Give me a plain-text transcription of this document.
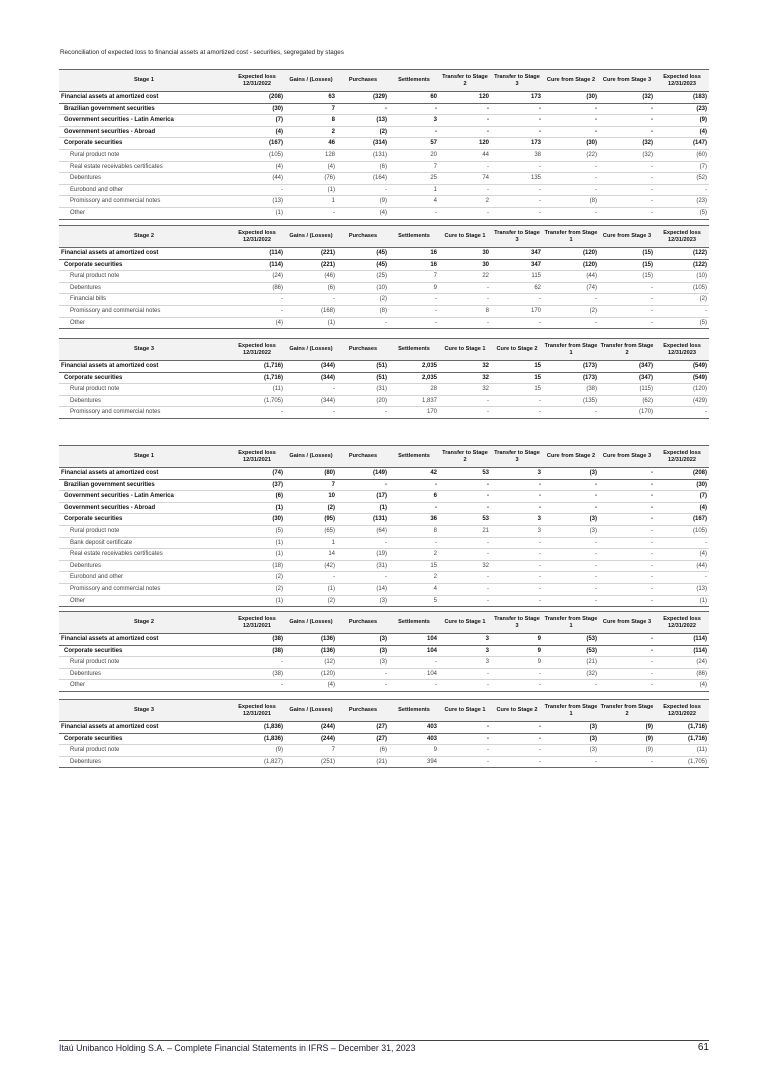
Reconciliation of expected loss to financial assets at amortized cost - securities, segregated by stages
Stage 1	Expected loss 12/31/2022	Gains / (Losses)	Purchases	Settlements	Transfer to Stage 2	Transfer to Stage 3	Cure from Stage 2	Cure from Stage 3	Expected loss 12/31/2023
Financial assets at amortized cost	(208)	63	(329)	60	120	173	(30)	(32)	(183)
Brazilian government securities	(30)	7	-	-	-	-	-	-	(23)
Government securities - Latin America	(7)	8	(13)	3	-	-	-	-	(9)
Government securities - Abroad	(4)	2	(2)	-	-	-	-	-	(4)
Corporate securities	(167)	46	(314)	57	120	173	(30)	(32)	(147)
Rural product note	(105)	128	(131)	20	44	38	(22)	(32)	(60)
Real estate receivables certificates	(4)	(4)	(6)	7	-	-	-	-	(7)
Debentures	(44)	(76)	(164)	25	74	135	-	-	(52)
Eurobond and other	-	(1)	-	1	-	-	-	-	-
Promissory and commercial notes	(13)	1	(9)	4	2	-	(8)	-	(23)
Other	(1)	-	(4)	-	-	-	-	-	(5)
Stage 2	Expected loss 12/31/2022	Gains / (Losses)	Purchases	Settlements	Cure to Stage 1	Transfer to Stage 3	Transfer from Stage 1	Cure from Stage 3	Expected loss 12/31/2023
Financial assets at amortized cost	(114)	(221)	(45)	16	30	347	(120)	(15)	(122)
Corporate securities	(114)	(221)	(45)	16	30	347	(120)	(15)	(122)
Rural product note	(24)	(46)	(25)	7	22	115	(44)	(15)	(10)
Debentures	(86)	(6)	(10)	9	-	62	(74)	-	(105)
Financial bills	-	-	(2)	-	-	-	-	-	(2)
Promissory and commercial notes	-	(168)	(8)	-	8	170	(2)	-	-
Other	(4)	(1)	-	-	-	-	-	-	(5)
Stage 3	Expected loss 12/31/2022	Gains / (Losses)	Purchases	Settlements	Cure to Stage 1	Cure to Stage 2	Transfer from Stage 1	Transfer from Stage 2	Expected loss 12/31/2023
Financial assets at amortized cost	(1,716)	(344)	(51)	2,035	32	15	(173)	(347)	(549)
Corporate securities	(1,716)	(344)	(51)	2,035	32	15	(173)	(347)	(549)
Rural product note	(11)	-	(31)	28	32	15	(38)	(115)	(120)
Debentures	(1,705)	(344)	(20)	1,837	-	-	(135)	(62)	(429)
Promissory and commercial notes	-	-	-	170	-	-	-	(170)	-
Stage 1	Expected loss 12/31/2021	Gains / (Losses)	Purchases	Settlements	Transfer to Stage 2	Transfer to Stage 3	Cure from Stage 2	Cure from Stage 3	Expected loss 12/31/2022
Financial assets at amortized cost	(74)	(80)	(149)	42	53	3	(3)	-	(208)
Brazilian government securities	(37)	7	-	-	-	-	-	-	(30)
Government securities - Latin America	(6)	10	(17)	6	-	-	-	-	(7)
Government securities - Abroad	(1)	(2)	(1)	-	-	-	-	-	(4)
Corporate securities	(30)	(95)	(131)	36	53	3	(3)	-	(167)
Rural product note	(5)	(65)	(64)	8	21	3	(3)	-	(105)
Bank deposit certificate	(1)	1	-	-	-	-	-	-	-
Real estate receivables certificates	(1)	14	(19)	2	-	-	-	-	(4)
Debentures	(18)	(42)	(31)	15	32	-	-	-	(44)
Eurobond and other	(2)	-	-	2	-	-	-	-	-
Promissory and commercial notes	(2)	(1)	(14)	4	-	-	-	-	(13)
Other	(1)	(2)	(3)	5	-	-	-	-	(1)
Stage 2	Expected loss 12/31/2021	Gains / (Losses)	Purchases	Settlements	Cure to Stage 1	Transfer to Stage 3	Transfer from Stage 1	Cure from Stage 3	Expected loss 12/31/2022
Financial assets at amortized cost	(38)	(136)	(3)	104	3	9	(53)	-	(114)
Corporate securities	(38)	(136)	(3)	104	3	9	(53)	-	(114)
Rural product note	-	(12)	(3)	-	3	9	(21)	-	(24)
Debentures	(38)	(120)	-	104	-	-	(32)	-	(86)
Other	-	(4)	-	-	-	-	-	-	(4)
Stage 3	Expected loss 12/31/2021	Gains / (Losses)	Purchases	Settlements	Cure to Stage 1	Cure to Stage 2	Transfer from Stage 1	Transfer from Stage 2	Expected loss 12/31/2022
Financial assets at amortized cost	(1,836)	(244)	(27)	403	-	-	(3)	(9)	(1,716)
Corporate securities	(1,836)	(244)	(27)	403	-	-	(3)	(9)	(1,716)
Rural product note	(9)	7	(6)	9	-	-	(3)	(9)	(11)
Debentures	(1,827)	(251)	(21)	394	-	-	-	-	(1,705)
Itaú Unibanco Holding S.A. – Complete Financial Statements in IFRS – December 31, 2023	61
